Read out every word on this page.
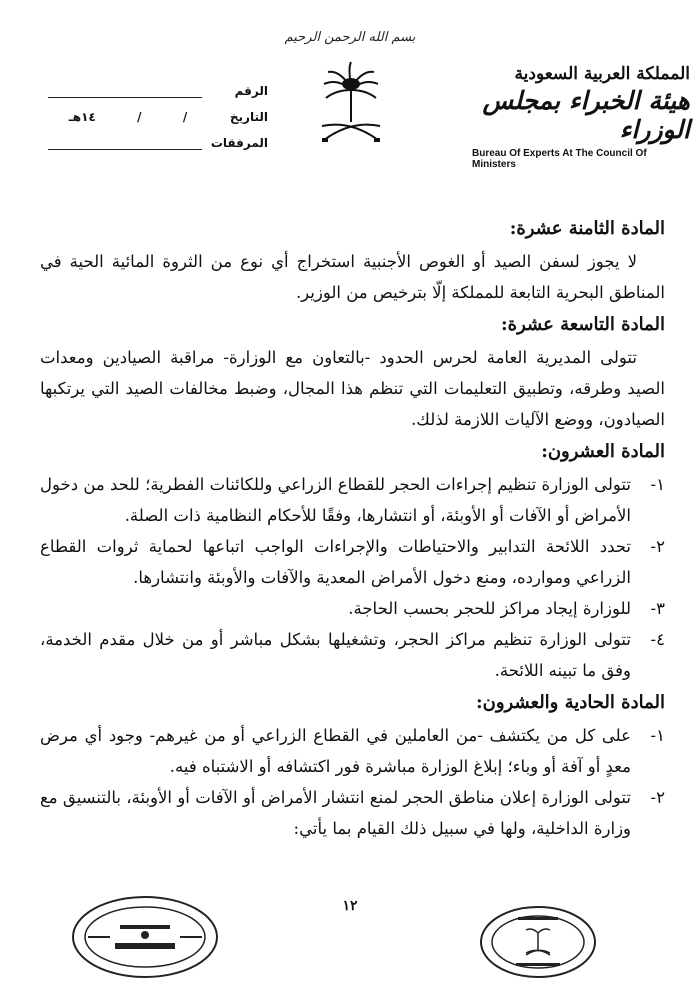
بسم الله الرحمن الرحيم
المملكة العربية السعودية
هيئة الخبراء بمجلس الوزراء
Bureau Of Experts At The Council Of Ministers
الرقم
التاريخ
/
/
١٤هـ
المرفقات
المادة الثامنة عشرة:

لا يجوز لسفن الصيد أو الغوص الأجنبية استخراج أي نوع من الثروة المائية الحية في المناطق البحرية التابعة للمملكة إلّا بترخيص من الوزير.

المادة التاسعة عشرة:

تتولى المديرية العامة لحرس الحدود -بالتعاون مع الوزارة- مراقبة الصيادين ومعدات الصيد وطرقه، وتطبيق التعليمات التي تنظم هذا المجال، وضبط مخالفات الصيد التي يرتكبها الصيادون، ووضع الآليات اللازمة لذلك.

المادة العشرون:
١-
تتولى الوزارة تنظيم إجراءات الحجر للقطاع الزراعي وللكائنات الفطرية؛ للحد من دخول الأمراض أو الآفات أو الأوبئة، أو انتشارها، وفقًا للأحكام النظامية ذات الصلة.
٢-
تحدد اللائحة التدابير والاحتياطات والإجراءات الواجب اتباعها لحماية ثروات القطاع الزراعي وموارده، ومنع دخول الأمراض المعدية والآفات والأوبئة وانتشارها.
٣-
للوزارة إيجاد مراكز للحجر بحسب الحاجة.
٤-
تتولى الوزارة تنظيم مراكز الحجر، وتشغيلها بشكل مباشر أو من خلال مقدم الخدمة، وفق ما تبينه اللائحة.
المادة الحادية والعشرون:
١-
على كل من يكتشف -من العاملين في القطاع الزراعي أو من غيرهم- وجود أي مرض معدٍ أو آفة أو وباء؛ إبلاغ الوزارة مباشرة فور اكتشافه أو الاشتباه فيه.
٢-
تتولى الوزارة إعلان مناطق الحجر لمنع انتشار الأمراض أو الآفات أو الأوبئة، بالتنسيق مع وزارة الداخلية، ولها في سبيل ذلك القيام بما يأتي:
١٢
